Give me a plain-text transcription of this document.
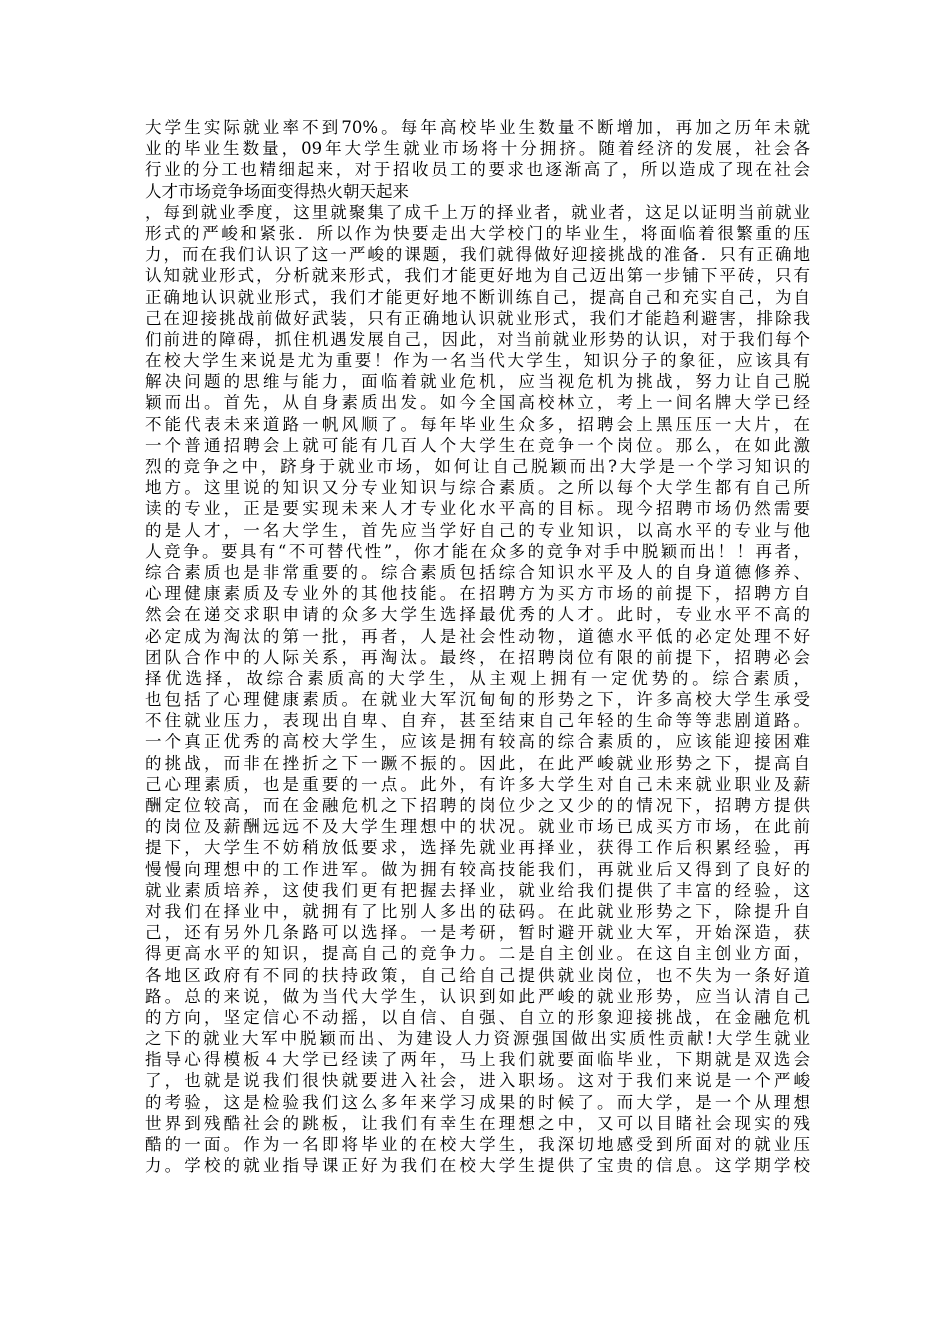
大学生实际就业率不到70%。每年高校毕业生数量不断增加，再加之历年未就
业的毕业生数量，09年大学生就业市场将十分拥挤。随着经济的发展，社会各
行业的分工也精细起来，对于招收员工的要求也逐渐高了，所以造成了现在社会
人才市场竞争场面变得热火朝天起来
，每到就业季度，这里就聚集了成千上万的择业者，就业者，这足以证明当前就业
形式的严峻和紧张．所以作为快要走出大学校门的毕业生，将面临着很繁重的压
力，而在我们认识了这一严峻的课题，我们就得做好迎接挑战的准备．只有正确地
认知就业形式，分析就来形式，我们才能更好地为自己迈出第一步铺下平砖，只有
正确地认识就业形式，我们才能更好地不断训练自己，提高自己和充实自己，为自
己在迎接挑战前做好武装，只有正确地认识就业形式，我们才能趋利避害，排除我
们前进的障碍，抓住机遇发展自己，因此，对当前就业形势的认识，对于我们每个
在校大学生来说是尤为重要！作为一名当代大学生，知识分子的象征，应该具有
解决问题的思维与能力，面临着就业危机，应当视危机为挑战，努力让自己脱
颖而出。首先，从自身素质出发。如今全国高校林立，考上一间名牌大学已经
不能代表未来道路一帆风顺了。每年毕业生众多，招聘会上黑压压一大片，在
一个普通招聘会上就可能有几百人个大学生在竞争一个岗位。那么，在如此激
烈的竞争之中，跻身于就业市场，如何让自己脱颖而出?大学是一个学习知识的
地方。这里说的知识又分专业知识与综合素质。之所以每个大学生都有自己所
读的专业，正是要实现未来人才专业化水平高的目标。现今招聘市场仍然需要
的是人才，一名大学生，首先应当学好自己的专业知识，以高水平的专业与他
人竞争。要具有“不可替代性”，你才能在众多的竞争对手中脱颖而出！！再者，
综合素质也是非常重要的。综合素质包括综合知识水平及人的自身道德修养、
心理健康素质及专业外的其他技能。在招聘方为买方市场的前提下，招聘方自
然会在递交求职申请的众多大学生选择最优秀的人才。此时，专业水平不高的
必定成为淘汰的第一批，再者，人是社会性动物，道德水平低的必定处理不好
团队合作中的人际关系，再淘汰。最终，在招聘岗位有限的前提下，招聘必会
择优选择，故综合素质高的大学生，从主观上拥有一定优势的。综合素质，
也包括了心理健康素质。在就业大军沉甸甸的形势之下，许多高校大学生承受
不住就业压力，表现出自卑、自弃，甚至结束自己年轻的生命等等悲剧道路。
一个真正优秀的高校大学生，应该是拥有较高的综合素质的，应该能迎接困难
的挑战，而非在挫折之下一蹶不振的。因此，在此严峻就业形势之下，提高自
己心理素质，也是重要的一点。此外，有许多大学生对自己未来就业职业及薪
酬定位较高，而在金融危机之下招聘的岗位少之又少的的情况下，招聘方提供
的岗位及薪酬远远不及大学生理想中的状况。就业市场已成买方市场，在此前
提下，大学生不妨稍放低要求，选择先就业再择业，获得工作后积累经验，再
慢慢向理想中的工作进军。做为拥有较高技能我们，再就业后又得到了良好的
就业素质培养，这使我们更有把握去择业，就业给我们提供了丰富的经验，这
对我们在择业中，就拥有了比别人多出的砝码。在此就业形势之下，除提升自
己，还有另外几条路可以选择。一是考研，暂时避开就业大军，开始深造，获
得更高水平的知识，提高自己的竞争力。二是自主创业。在这自主创业方面，
各地区政府有不同的扶持政策，自己给自己提供就业岗位，也不失为一条好道
路。总的来说，做为当代大学生，认识到如此严峻的就业形势，应当认清自己
的方向，坚定信心不动摇，以自信、自强、自立的形象迎接挑战，在金融危机
之下的就业大军中脱颖而出、为建设人力资源强国做出实质性贡献!大学生就业
指导心得模板４大学已经读了两年，马上我们就要面临毕业，下期就是双选会
了，也就是说我们很快就要进入社会，进入职场。这对于我们来说是一个严峻
的考验，这是检验我们这么多年来学习成果的时候了。而大学，是一个从理想
世界到残酷社会的跳板，让我们有幸生在理想之中，又可以目睹社会现实的残
酷的一面。作为一名即将毕业的在校大学生，我深切地感受到所面对的就业压
力。学校的就业指导课正好为我们在校大学生提供了宝贵的信息。这学期学校
